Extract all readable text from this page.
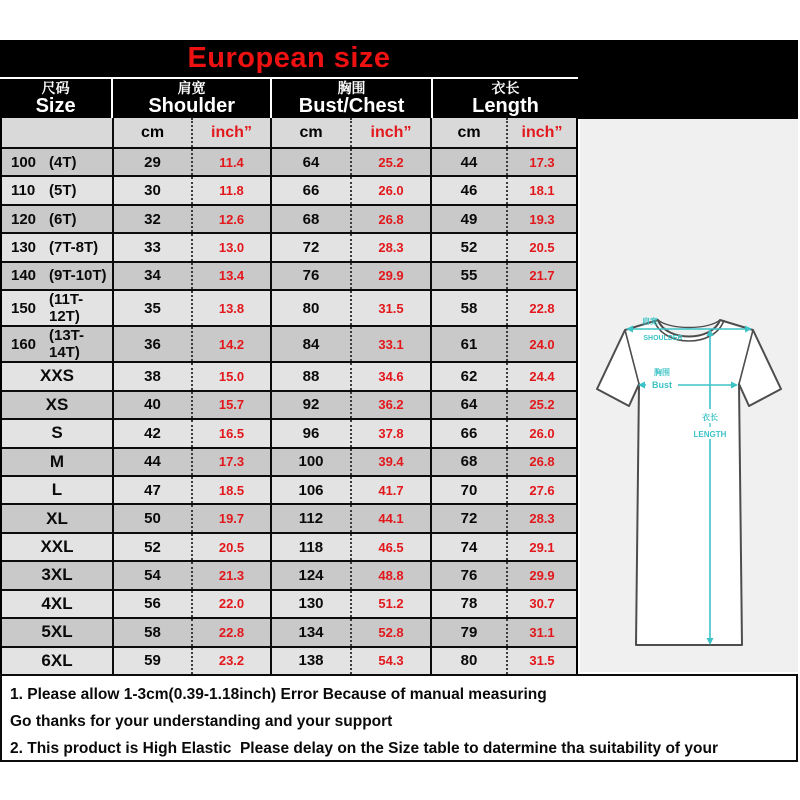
European size
尺码
Size
肩宽
Shoulder
胸围
Bust/Chest
衣长
Length
cm	inch”	cm	inch”	cm	inch”
100 (4T)	29	11.4	64	25.2	44	17.3
110 (5T)	30	11.8	66	26.0	46	18.1
120 (6T)	32	12.6	68	26.8	49	19.3
130 (7T-8T)	33	13.0	72	28.3	52	20.5
140 (9T-10T)	34	13.4	76	29.9	55	21.7
150 (11T-12T)	35	13.8	80	31.5	58	22.8
160 (13T-14T)	36	14.2	84	33.1	61	24.0
XXS	38	15.0	88	34.6	62	24.4
XS	40	15.7	92	36.2	64	25.2
S	42	16.5	96	37.8	66	26.0
M	44	17.3	100	39.4	68	26.8
L	47	18.5	106	41.7	70	27.6
XL	50	19.7	112	44.1	72	28.3
XXL	52	20.5	118	46.5	74	29.1
3XL	54	21.3	124	48.8	76	29.9
4XL	56	22.0	130	51.2	78	30.7
5XL	58	22.8	134	52.8	79	31.1
6XL	59	23.2	138	54.3	80	31.5
肩宽
SHOULDER
胸围
Bust
衣长
LENGTH
1. Please allow 1-3cm(0.39-1.18inch) Error Because of manual measuring
Go thanks for your understanding and your support
2. This product is High Elastic  Please delay on the Size table to datermine tha suitability of your
